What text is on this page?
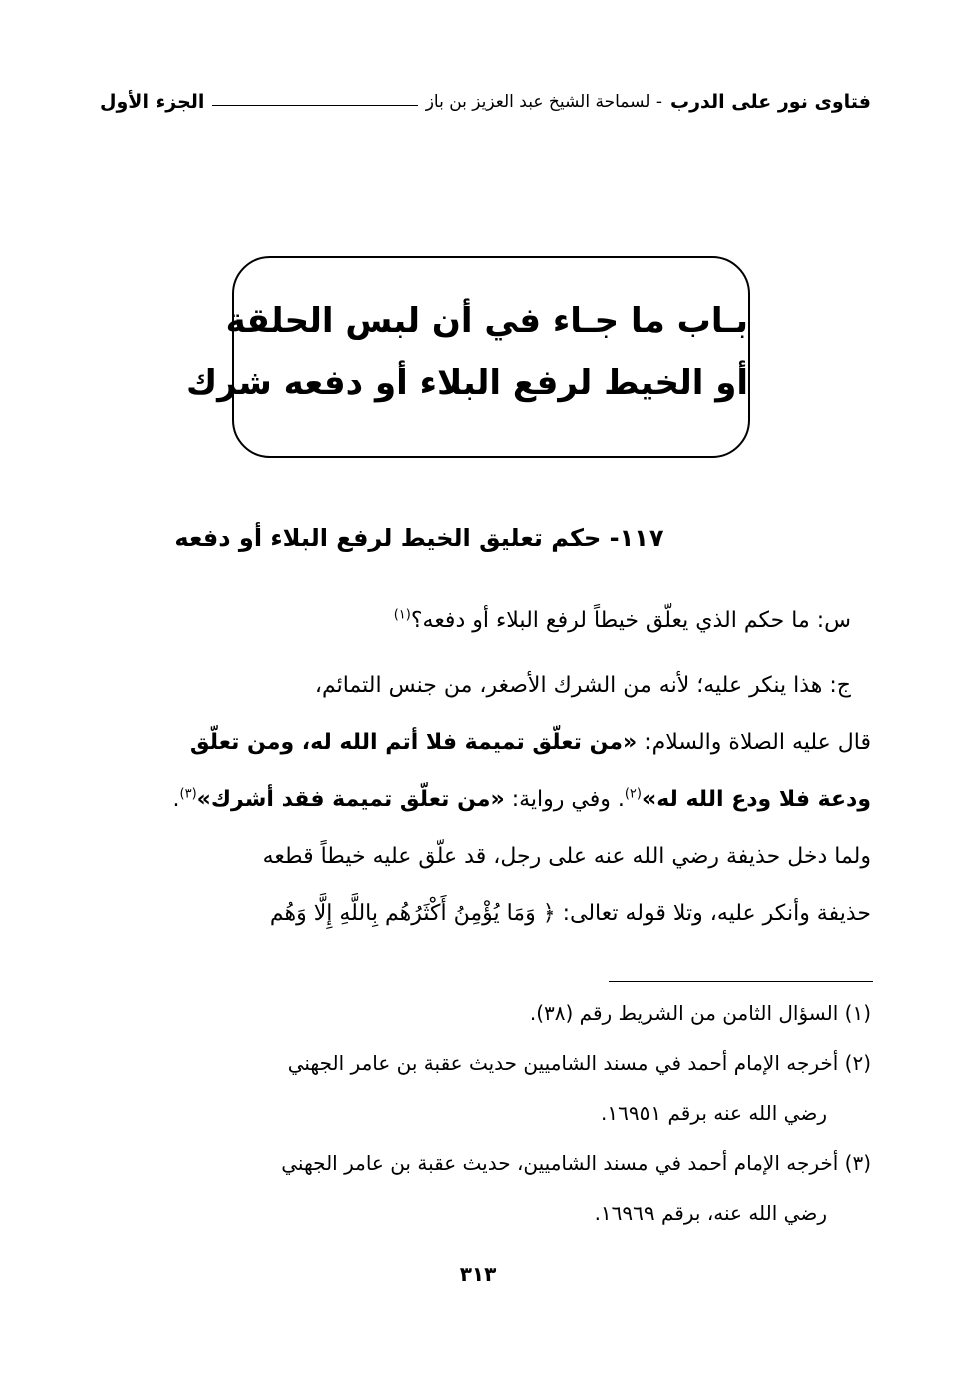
فتاوى نور على الدرب
- لسماحة الشيخ عبد العزيز بن باز
الجزء الأول
بـاب ما جـاء في أن لبس الحلقة
أو الخيط لرفع البلاء أو دفعه شرك
١١٧- حكم تعليق الخيط لرفع البلاء أو دفعه
س: ما حكم الذي يعلّق خيطاً لرفع البلاء أو دفعه؟$^{(١)}$
ج: هذا ينكر عليه؛ لأنه من الشرك الأصغر، من جنس التمائم،
قال عليه الصلاة والسلام: «من تعلّق تميمة فلا أتم الله له، ومن تعلّق
ودعة فلا ودع الله له»$^{(٢)}$. وفي رواية: «من تعلّق تميمة فقد أشرك»$^{(٣)}$.
ولما دخل حذيفة رضي الله عنه على رجل، قد علّق عليه خيطاً قطعه
حذيفة وأنكر عليه، وتلا قوله تعالى: ﴿ وَمَا يُؤْمِنُ أَكْثَرُهُم بِاللَّهِ إِلَّا وَهُم
(١) السؤال الثامن من الشريط رقم (٣٨).
(٢) أخرجه الإمام أحمد في مسند الشاميين حديث عقبة بن عامر الجهني
رضي الله عنه برقم ١٦٩٥١.
(٣) أخرجه الإمام أحمد في مسند الشاميين، حديث عقبة بن عامر الجهني
رضي الله عنه، برقم ١٦٩٦٩.
٣١٣
